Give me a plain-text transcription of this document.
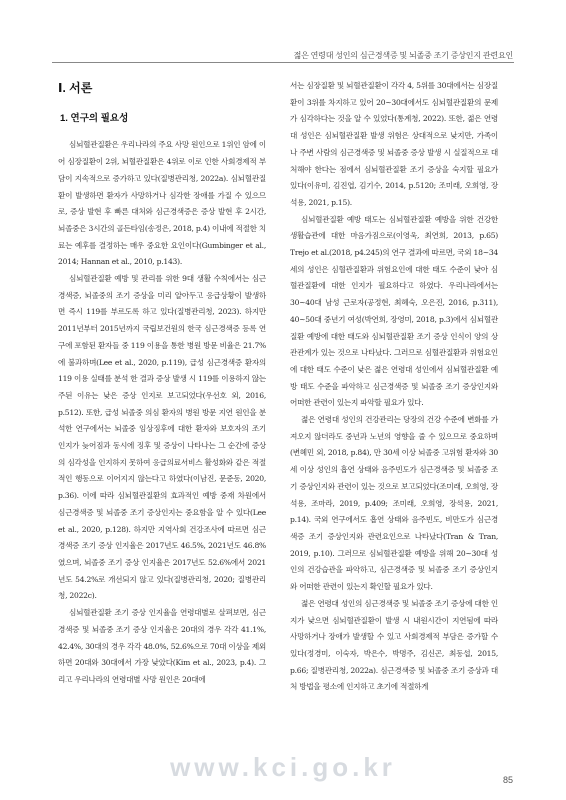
젊은 연령대 성인의 심근경색증 및 뇌졸중 조기 증상인지 관련요인
Ⅰ. 서론
1. 연구의 필요성

심뇌혈관질환은 우리나라의 주요 사망 원인으로 1위인 암에 이어 심장질환이 2위, 뇌혈관질환은 4위로 이로 인한 사회경제적 부담이 지속적으로 증가하고 있다(질병관리청, 2022a). 심뇌혈관질환이 발생하면 환자가 사망하거나 심각한 장애를 가질 수 있으므로, 증상 발현 후 빠른 대처와 심근경색증은 증상 발현 후 2시간, 뇌졸중은 3시간의 골든타임(송정은, 2018, p.4) 이내에 적절한 치료는 예후를 결정하는 매우 중요한 요인이다(Gumbinger et al., 2014; Hannan et al., 2010, p.143).

심뇌혈관질환 예방 및 관리를 위한 9대 생활 수칙에서는 심근경색증, 뇌졸중의 조기 증상을 미리 알아두고 응급상황이 발생하면 즉시 119를 부르도록 하고 있다(질병관리청, 2023). 하지만 2011년부터 2015년까지 국립보건원의 한국 심근경색증 등록 연구에 포함된 환자들 중 119 이용을 통한 병원 방문 비율은 21.7%에 불과하며(Lee et al., 2020, p.119), 급성 심근경색증 환자의 119 이용 실태를 분석 한 결과 증상 발생 시 119를 이용하지 않는 주된 이유는 낮은 증상 인지로 보고되었다(우선호 외, 2016, p.512). 또한, 급성 뇌졸중 의심 환자의 병원 방문 지연 원인을 분석한 연구에서는 뇌졸중 임상징후에 대한 환자와 보호자의 조기 인지가 늦어짐과 동시에 징후 및 증상이 나타나는 그 순간에 증상의 심각성을 인지하지 못하여 응급의료서비스 활성화와 같은 적절적인 행동으로 이어지지 않는다고 하였다(이남진, 문준동, 2020, p.36). 이에 따라 심뇌혈관질환의 효과적인 예방 중재 차원에서 심근경색증 및 뇌졸중 조기 증상인지는 중요함을 알 수 있다(Lee et al., 2020, p.128). 하지만 지역사회 건강조사에 따르면 심근경색증 조기 증상 인지율은 2017년도 46.5%, 2021년도 46.8%였으며, 뇌졸중 조기 증상 인지율은 2017년도 52.6%에서 2021년도 54.2%로 개선되지 않고 있다(질병관리청, 2020; 질병관리청, 2022c).

심뇌혈관질환 조기 증상 인지율을 연령대별로 살펴보면, 심근경색증 및 뇌졸중 조기 증상 인지율은 20대의 경우 각각 41.1%, 42.4%, 30대의 경우 각각 48.0%, 52.6%으로 70대 이상을 제외하면 20대와 30대에서 가장 낮았다(Kim et al., 2023, p.4). 그리고 우리나라의 연령대별 사망 원인은 20대에

서는 심장질환 및 뇌혈관질환이 각각 4, 5위를 30대에서는 심장질환이 3위를 차지하고 있어 20~30대에서도 심뇌혈관질환의 문제가 심각하다는 것을 알 수 있었다(통계청, 2022). 또한, 젊은 연령대 성인은 심뇌혈관질환 발생 위험은 상대적으로 낮지만, 가족이나 주변 사람의 심근경색증 및 뇌졸중 증상 발생 시 실질적으로 대처해야 한다는 점에서 심뇌혈관질환 조기 증상을 숙지할 필요가 있다(이유미, 김진엽, 김기수, 2014, p.5120; 조미래, 오희영, 장석용, 2021, p.15).

심뇌혈관질환 예방 태도는 심뇌혈관질환 예방을 위한 건강한 생활습관에 대한 마음가짐으로(이영욱, 최연희, 2013, p.65) Trejo et al.(2018, p4.245)의 연구 결과에 따르면, 국외 18~34세의 성인은 심혈관질환과 위험요인에 대한 태도 수준이 낮아 심혈관질환에 대한 인지가 필요하다고 하였다. 우리나라에서는 30~40대 남성 근로자(공정현, 최혜숙, 오은진, 2016, p.311), 40~50대 중년기 여성(박연희, 장영미, 2018, p.3)에서 심뇌혈관질환 예방에 대한 태도와 심뇌혈관질환 조기 증상 인식이 양의 상관관계가 있는 것으로 나타났다. 그러므로 심혈관질환과 위험요인에 대한 태도 수준이 낮은 젊은 연령대 성인에서 심뇌혈관질환 예방 태도 수준을 파악하고 심근경색증 및 뇌졸중 조기 증상인지와 어떠한 관련이 있는지 파악할 필요가 있다.

젊은 연령대 성인의 건강관리는 당장의 건강 수준에 변화를 가져오지 않더라도 중년과 노년의 영향을 줄 수 있으므로 중요하며(변혜민 외, 2018, p.84), 만 30세 이상 뇌졸중 고위험 환자와 30세 이상 성인의 흡연 상태와 음주빈도가 심근경색증 및 뇌졸중 조기 증상인지와 관련이 있는 것으로 보고되었다(조미래, 오희영, 장석용, 조마라, 2019, p.409; 조미래, 오희영, 장석용, 2021, p.14). 국외 연구에서도 흡연 상태와 음주빈도, 비만도가 심근경색증 조기 증상인지와 관련요인으로 나타났다(Tran & Tran, 2019, p.10). 그러므로 심뇌혈관질환 예방을 위해 20~30대 성인의 건강습관을 파악하고, 심근경색증 및 뇌졸중 조기 증상인지와 어떠한 관련이 있는지 확인할 필요가 있다.

젊은 연령대 성인의 심근경색증 및 뇌졸중 조기 증상에 대한 인지가 낮으면 심뇌혈관질환이 발생 시 내원시간이 지연됨에 따라 사망하거나 장애가 발생할 수 있고 사회경제적 부담은 증가할 수 있다(정경미, 이숙자, 박은수, 박명주, 김신곤, 최동섭, 2015, p.66; 질병관리청, 2022a). 심근경색증 및 뇌졸중 조기 증상과 대처 방법을 평소에 인지하고 초기에 적절하게

www.kci.go.kr	85
